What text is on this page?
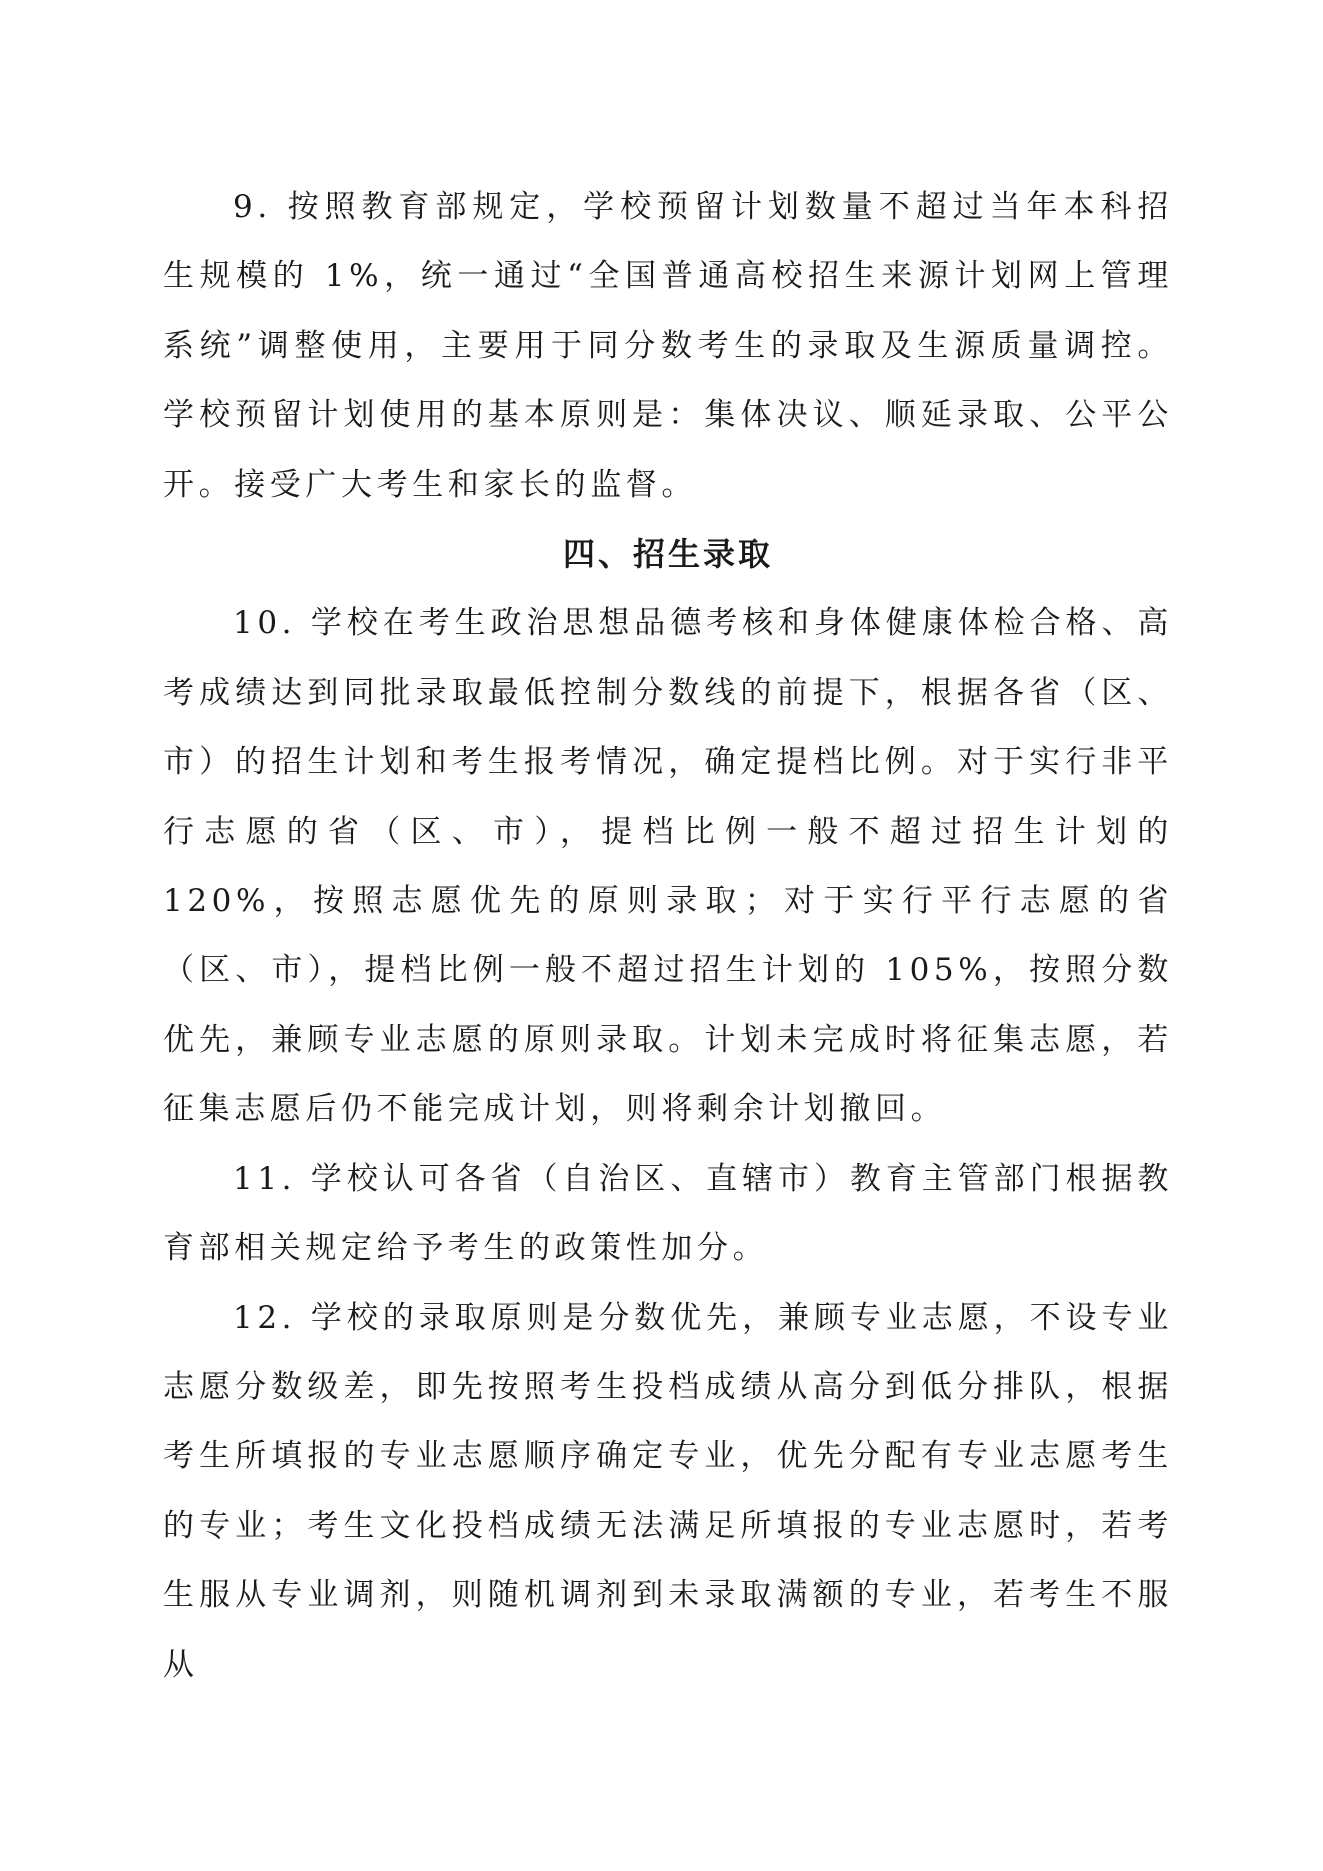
9. 按照教育部规定，学校预留计划数量不超过当年本科招生规模的 1%，统一通过“全国普通高校招生来源计划网上管理系统”调整使用，主要用于同分数考生的录取及生源质量调控。学校预留计划使用的基本原则是：集体决议、顺延录取、公平公开。接受广大考生和家长的监督。

四、招生录取

10. 学校在考生政治思想品德考核和身体健康体检合格、高考成绩达到同批录取最低控制分数线的前提下，根据各省（区、市）的招生计划和考生报考情况，确定提档比例。对于实行非平行志愿的省（区、市），提档比例一般不超过招生计划的 120%，按照志愿优先的原则录取；对于实行平行志愿的省（区、市），提档比例一般不超过招生计划的 105%，按照分数优先，兼顾专业志愿的原则录取。计划未完成时将征集志愿，若征集志愿后仍不能完成计划，则将剩余计划撤回。

11. 学校认可各省（自治区、直辖市）教育主管部门根据教育部相关规定给予考生的政策性加分。

12. 学校的录取原则是分数优先，兼顾专业志愿，不设专业志愿分数级差，即先按照考生投档成绩从高分到低分排队，根据考生所填报的专业志愿顺序确定专业，优先分配有专业志愿考生的专业；考生文化投档成绩无法满足所填报的专业志愿时，若考生服从专业调剂，则随机调剂到未录取满额的专业，若考生不服从
